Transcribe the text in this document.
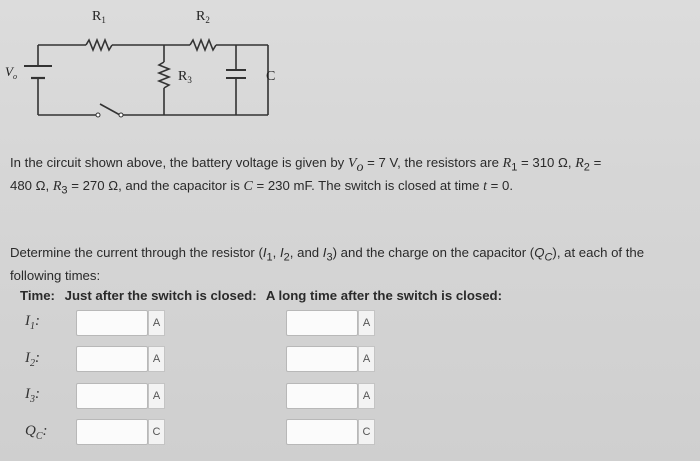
$R_1$	$R_2$
$R_3$	C
$V_o$
In the circuit shown above, the battery voltage is given by $V_o = 7$ V, the resistors are $R_1 = 310$ Ω, $R_2$ =
480 Ω, $R_3 = 270$ Ω, and the capacitor is C = 230 mF. The switch is closed at time t = 0.
Determine the current through the resistor ($I_1$, $I_2$, and $I_3$) and the charge on the capacitor $(Q_C)$, at each of the following times:
Time: Just after the switch is closed: A long time after the switch is closed:
$I_1$:	A	A
$I_2$:	A	A
$I_3$:	A	A
$Q_C$:	C	C
